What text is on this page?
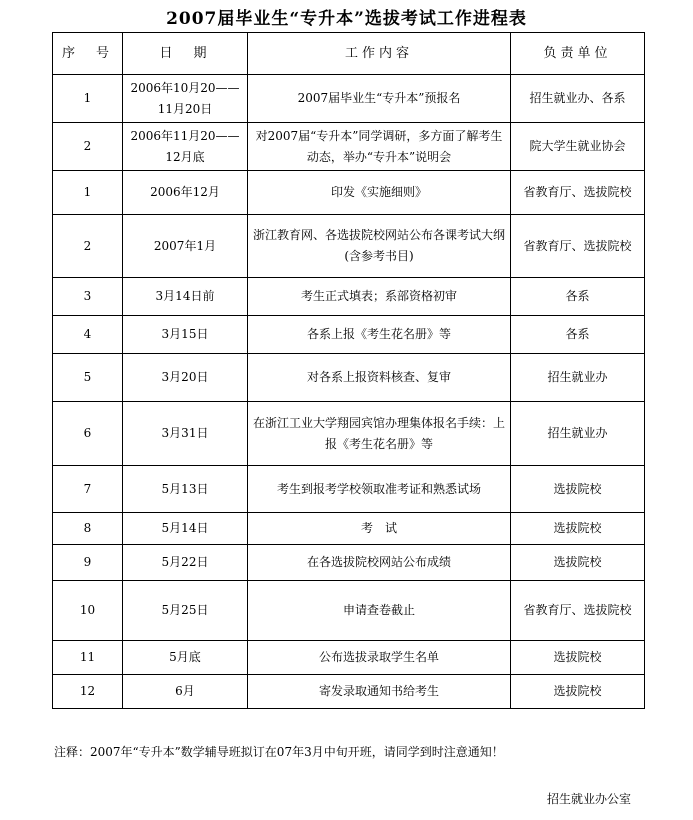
2007届毕业生“专升本”选拔考试工作进程表
序　号	日　期	工作内容	负责单位
1	2006年10月20——11月20日	2007届毕业生“专升本”预报名	招生就业办、各系
2	2006年11月20——12月底	对2007届“专升本”同学调研，多方面了解考生动态，举办“专升本”说明会	院大学生就业协会
1	2006年12月	印发《实施细则》	省教育厅、选拔院校
2	2007年1月	浙江教育网、各选拔院校网站公布各课考试大纲(含参考书目)	省教育厅、选拔院校
3	3月14日前	考生正式填表；系部资格初审	各系
4	3月15日	各系上报《考生花名册》等	各系
5	3月20日	对各系上报资料核查、复审	招生就业办
6	3月31日	在浙江工业大学翔园宾馆办理集体报名手续：上报《考生花名册》等	招生就业办
7	5月13日	考生到报考学校领取准考证和熟悉试场	选拔院校
8	5月14日	考　试	选拔院校
9	5月22日	在各选拔院校网站公布成绩	选拔院校
10	5月25日	申请查卷截止	省教育厅、选拔院校
11	5月底	公布选拔录取学生名单	选拔院校
12	6月	寄发录取通知书给考生	选拔院校
注释：2007年“专升本”数学辅导班拟订在07年3月中旬开班，请同学到时注意通知！
招生就业办公室
